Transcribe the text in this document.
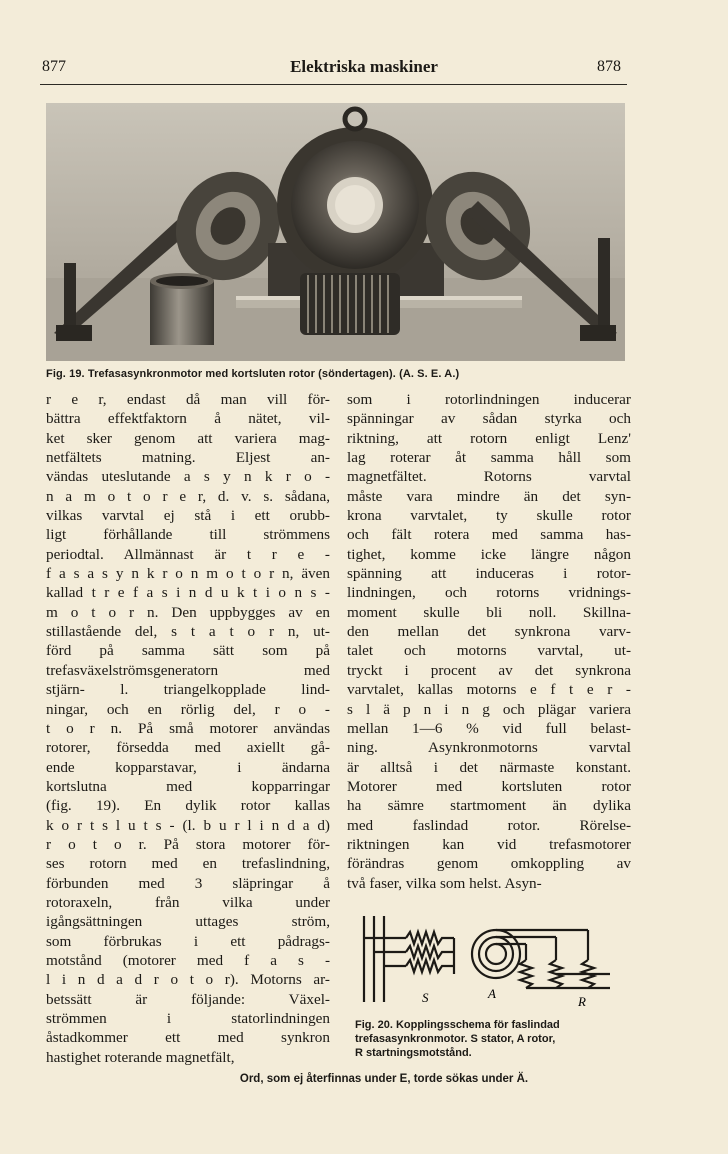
877	Elektriska maskiner	878
Fig. 19. Trefasasynkronmotor med kortsluten rotor (söndertagen). (A. S. E. A.)
r e r, endast då man vill för-
bättra effektfaktorn å nätet, vil-
ket sker genom att variera mag-
netfältets matning. Eljest an-
vändas uteslutande a s y n k r o -
n a m o t o r e r, d. v. s. sådana,
vilkas varvtal ej stå i ett orubb-
ligt förhållande till strömmens
periodtal. Allmännast är t r e -
f a s a s y n k r o n m o t o r n, även
kallad t r e f a s i n d u k t i o n s -
m o t o r n. Den uppbygges av en
stillastående del, s t a t o r n, ut-
förd på samma sätt som på
trefasväxelströmsgeneratorn med
stjärn- l. triangelkopplade lind-
ningar, och en rörlig del, r o -
t o r n. På små motorer användas
rotorer, försedda med axiellt gå-
ende kopparstavar, i ändarna
kortslutna med kopparringar
(fig. 19). En dylik rotor kallas
k o r t s l u t s - (l. b u r l i n d a d)
r o t o r. På stora motorer för-
ses rotorn med en trefaslindning,
förbunden med 3 släpringar å
rotoraxeln, från vilka under
igångsättningen uttages ström,
som förbrukas i ett pådrags-
motstånd (motorer med f a s -
l i n d a d r o t o r). Motorns ar-
betssätt är följande: Växel-
strömmen i statorlindningen
åstadkommer ett med synkron
hastighet roterande magnetfält,
som i rotorlindningen inducerar
spänningar av sådan styrka och
riktning, att rotorn enligt Lenz'
lag roterar åt samma håll som
magnetfältet. Rotorns varvtal
måste vara mindre än det syn-
krona varvtalet, ty skulle rotor
och fält rotera med samma has-
tighet, komme icke längre någon
spänning att induceras i rotor-
lindningen, och rotorns vridnings-
moment skulle bli noll. Skillna-
den mellan det synkrona varv-
talet och motorns varvtal, ut-
tryckt i procent av det synkrona
varvtalet, kallas motorns e f t e r -
s l ä p n i n g och plägar variera
mellan 1—6 % vid full belast-
ning. Asynkronmotorns varvtal
är alltså i det närmaste konstant.
Motorer med kortsluten rotor
ha sämre startmoment än dylika
med faslindad rotor. Rörelse-
riktningen kan vid trefasmotorer
förändras genom omkoppling av
två faser, vilka som helst. Asyn-
S	A
R
Fig. 20. Kopplingsschema för faslindad
trefasasynkronmotor. S stator, A rotor,
R startningsmotstånd.
Ord, som ej återfinnas under E, torde sökas under Ä.
